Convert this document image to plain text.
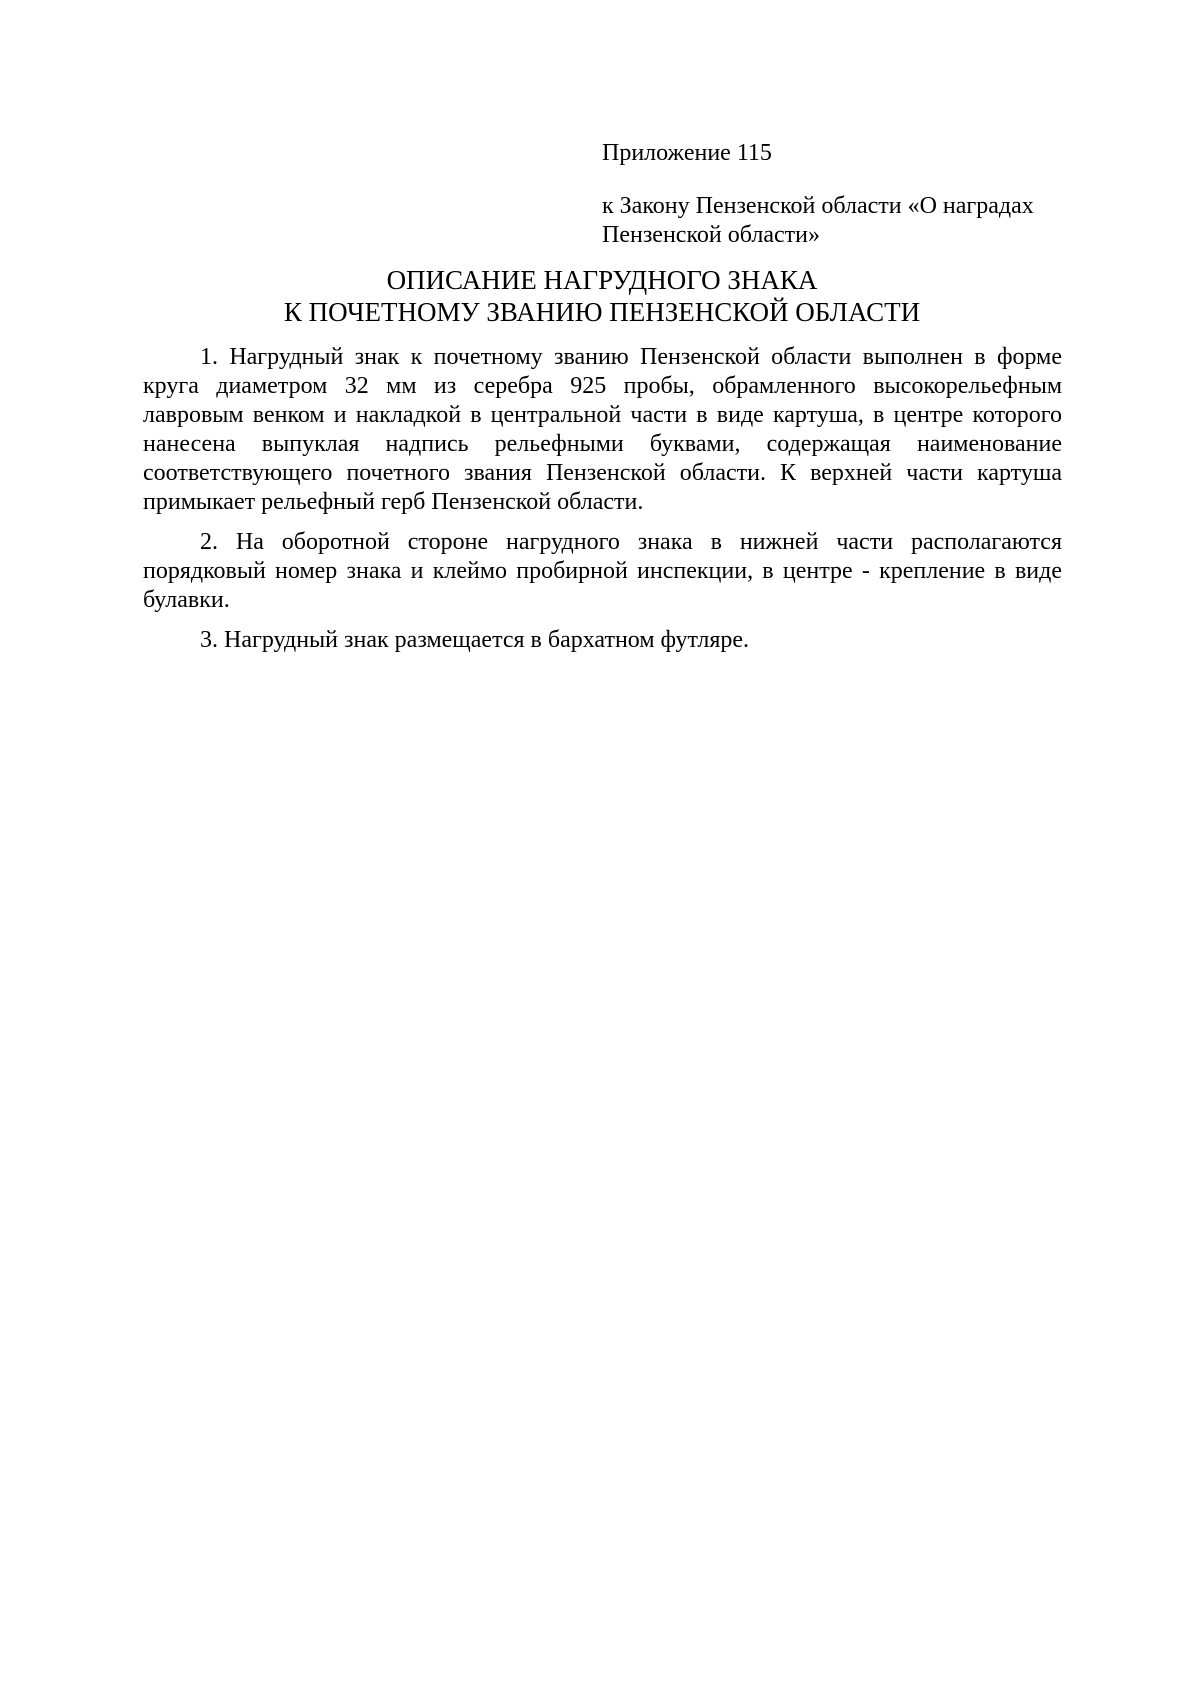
Приложение 115

к Закону Пензенской области «О наградах
Пензенской области»

ОПИСАНИЕ НАГРУДНОГО ЗНАКА
К ПОЧЕТНОМУ ЗВАНИЮ ПЕНЗЕНСКОЙ ОБЛАСТИ

1. Нагрудный знак к почетному званию Пензенской области выполнен в форме круга диаметром 32 мм из серебра 925 пробы, обрамленного высокорельефным лавровым венком и накладкой в центральной части в виде картуша, в центре которого нанесена выпуклая надпись рельефными буквами, содержащая наименование соответствующего почетного звания Пензенской области. К верхней части картуша примыкает рельефный герб Пензенской области.

2. На оборотной стороне нагрудного знака в нижней части располагаются порядковый номер знака и клеймо пробирной инспекции, в центре - крепление в виде булавки.

3. Нагрудный знак размещается в бархатном футляре.
